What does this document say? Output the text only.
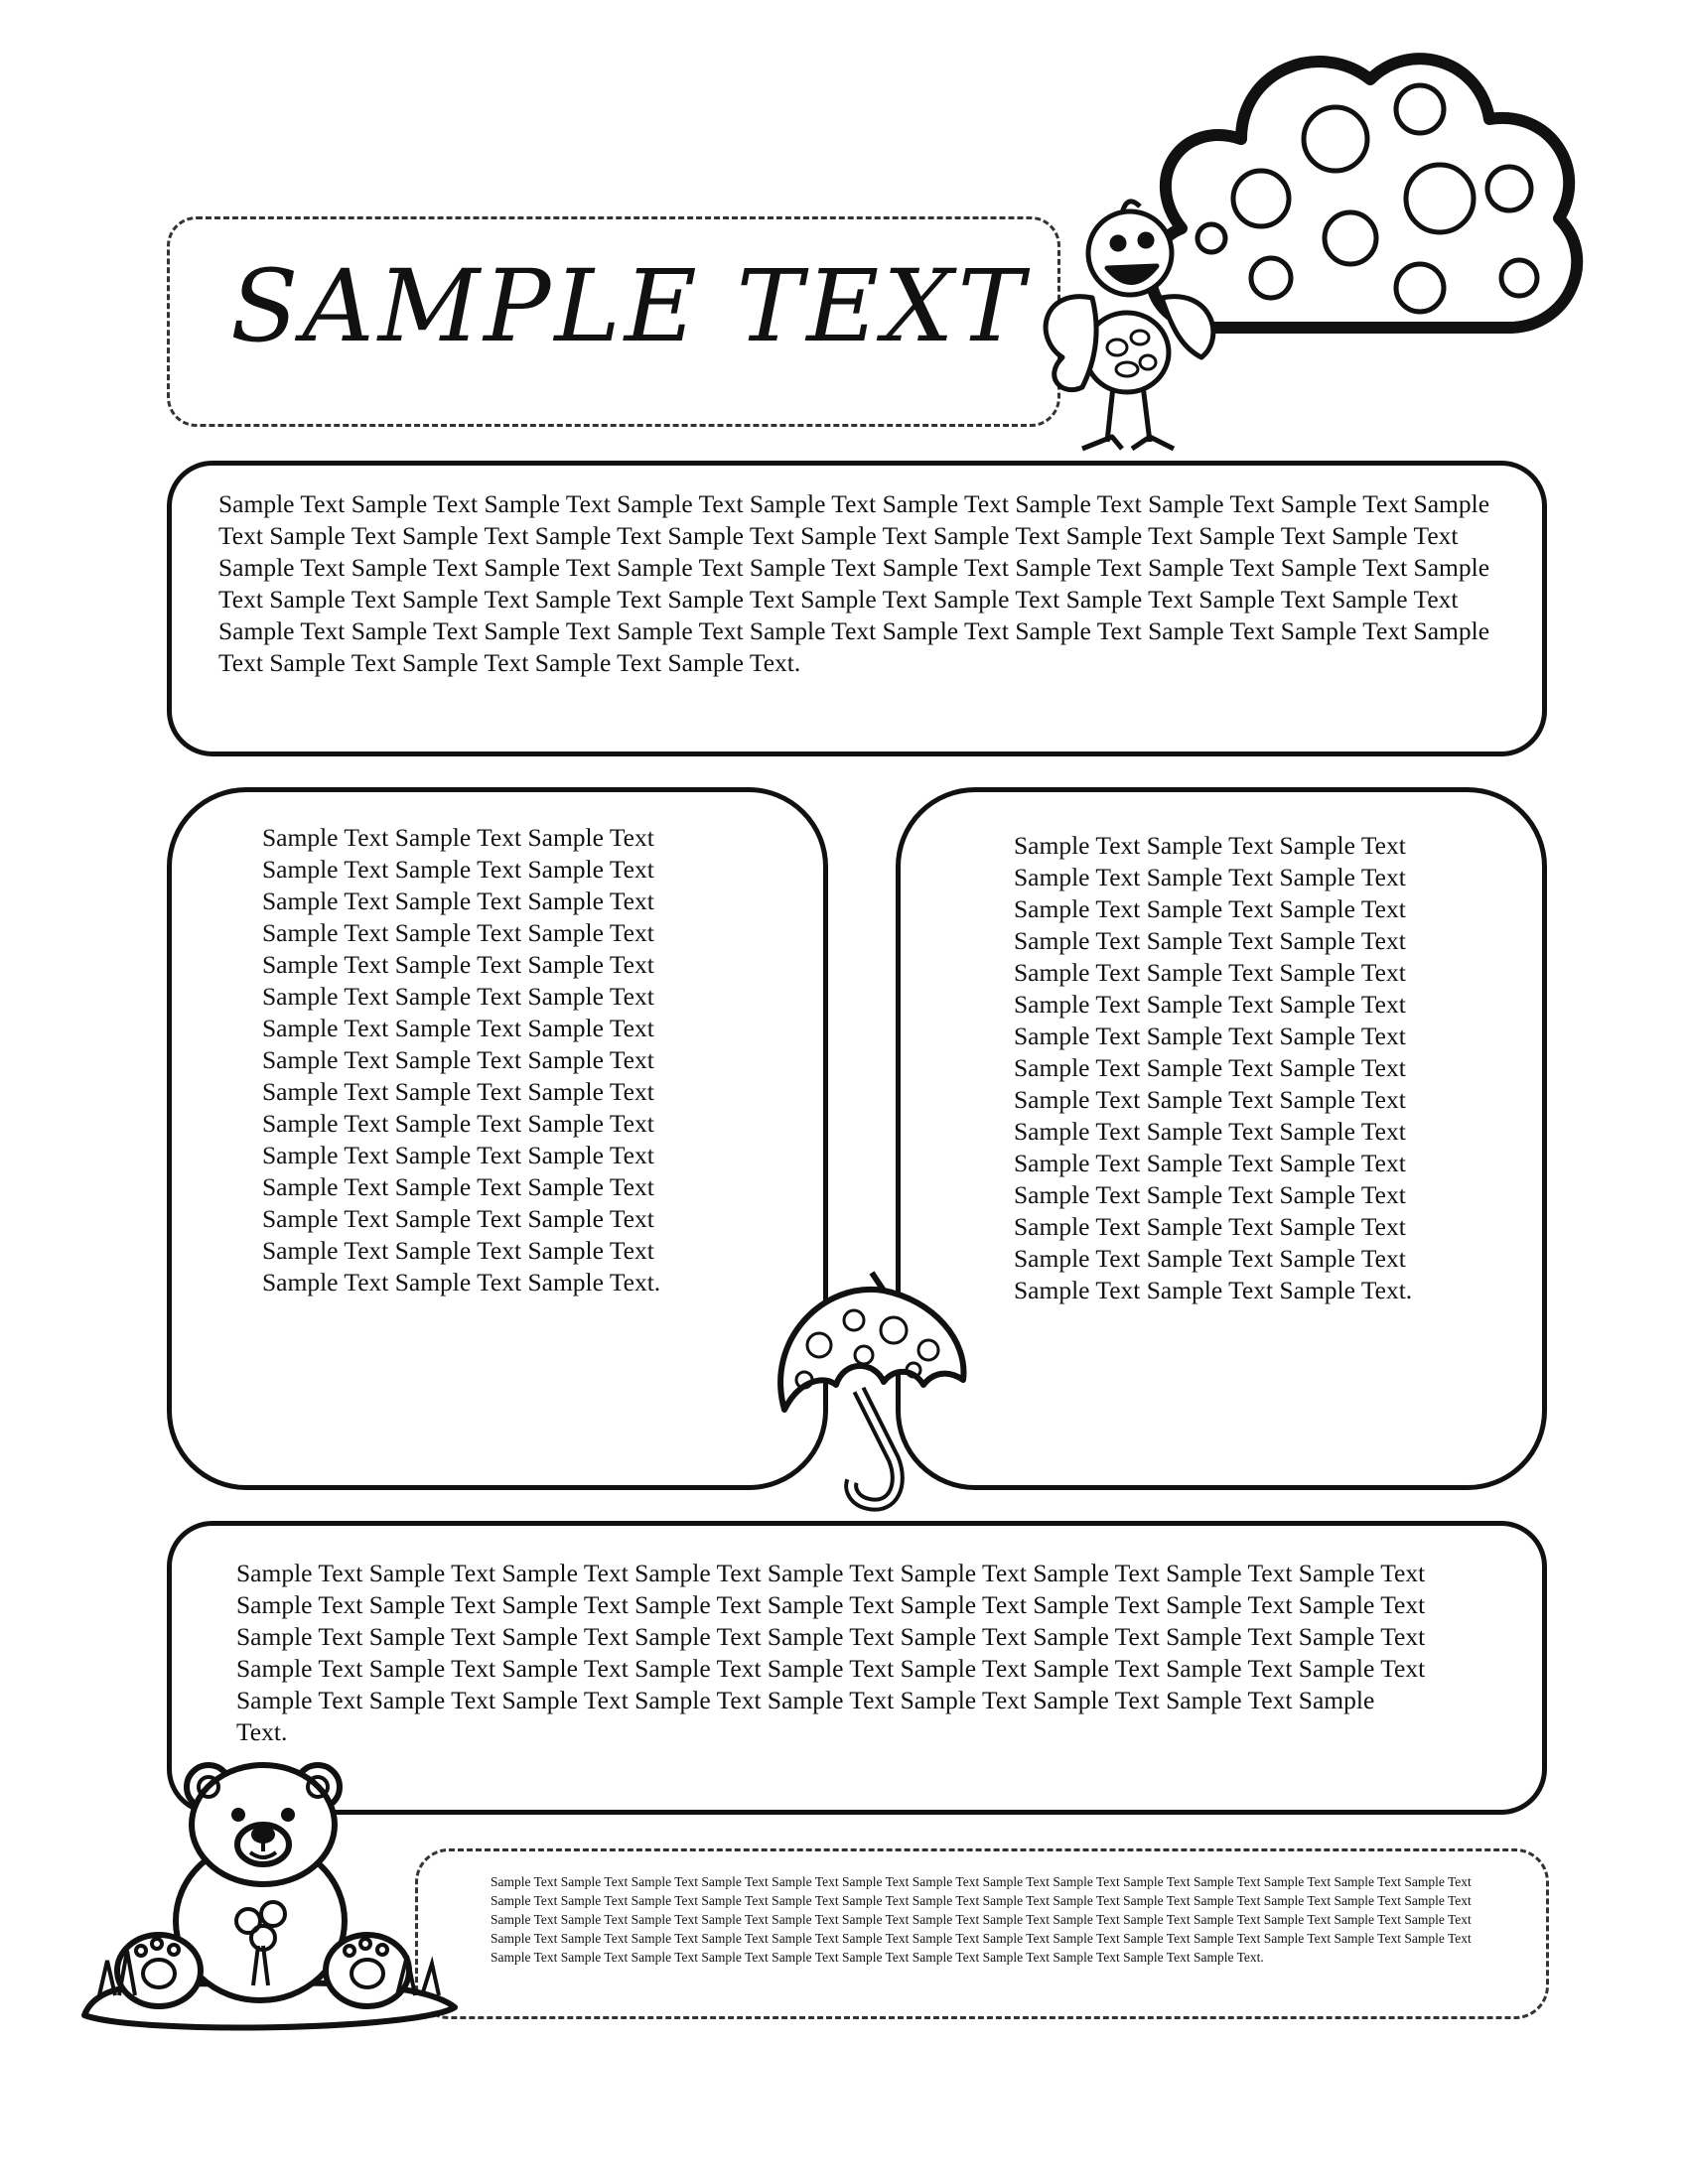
SAMPLE TEXT

Sample Text Sample Text Sample Text Sample Text Sample Text Sample Text Sample Text Sample Text Sample Text Sample Text Sample Text Sample Text Sample Text Sample Text Sample Text Sample Text Sample Text Sample Text Sample Text Sample Text Sample Text Sample Text Sample Text Sample Text Sample Text Sample Text Sample Text Sample Text Sample Text Sample Text Sample Text Sample Text Sample Text Sample Text Sample Text Sample Text Sample Text Sample Text Sample Text Sample Text Sample Text Sample Text Sample Text Sample Text Sample Text Sample Text Sample Text Sample Text Sample Text Sample Text Sample Text Sample Text.

Sample Text Sample Text Sample Text Sample Text Sample Text Sample Text Sample Text Sample Text Sample Text Sample Text Sample Text Sample Text Sample Text Sample Text Sample Text Sample Text Sample Text Sample Text Sample Text Sample Text Sample Text Sample Text Sample Text Sample Text Sample Text Sample Text Sample Text Sample Text Sample Text Sample Text Sample Text Sample Text Sample Text Sample Text Sample Text Sample Text Sample Text Sample Text Sample Text Sample Text Sample Text Sample Text Sample Text Sample Text Sample Text.

Sample Text Sample Text Sample Text Sample Text Sample Text Sample Text Sample Text Sample Text Sample Text Sample Text Sample Text Sample Text Sample Text Sample Text Sample Text Sample Text Sample Text Sample Text Sample Text Sample Text Sample Text Sample Text Sample Text Sample Text Sample Text Sample Text Sample Text Sample Text Sample Text Sample Text Sample Text Sample Text Sample Text Sample Text Sample Text Sample Text Sample Text Sample Text Sample Text Sample Text Sample Text Sample Text Sample Text Sample Text Sample Text.

Sample Text Sample Text Sample Text Sample Text Sample Text Sample Text Sample Text Sample Text Sample Text Sample Text Sample Text Sample Text Sample Text Sample Text Sample Text Sample Text Sample Text Sample Text Sample Text Sample Text Sample Text Sample Text Sample Text Sample Text Sample Text Sample Text Sample Text Sample Text Sample Text Sample Text Sample Text Sample Text Sample Text Sample Text Sample Text Sample Text Sample Text Sample Text Sample Text Sample Text Sample Text Sample Text Sample Text Sample Text Sample Text.

Sample Text Sample Text Sample Text Sample Text Sample Text Sample Text Sample Text Sample Text Sample Text Sample Text Sample Text Sample Text Sample Text Sample Text Sample Text Sample Text Sample Text Sample Text Sample Text Sample Text Sample Text Sample Text Sample Text Sample Text Sample Text Sample Text Sample Text Sample Text Sample Text Sample Text Sample Text Sample Text Sample Text Sample Text Sample Text Sample Text Sample Text Sample Text Sample Text Sample Text Sample Text Sample Text Sample Text Sample Text Sample Text Sample Text Sample Text Sample Text Sample Text Sample Text Sample Text Sample Text Sample Text Sample Text Sample Text Sample Text Sample Text Sample Text Sample Text Sample Text Sample Text Sample Text Sample Text Sample Text Sample Text Sample Text Sample Text.
